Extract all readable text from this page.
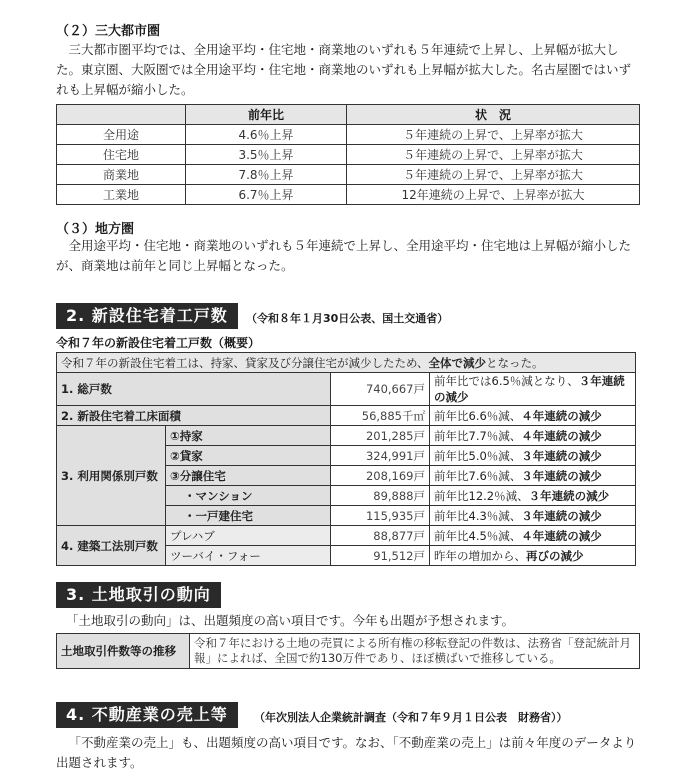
（２）三大都市圏
三大都市圏平均では、全用途平均・住宅地・商業地のいずれも５年連続で上昇し、上昇幅が拡大した。東京圏、大阪圏では全用途平均・住宅地・商業地のいずれも上昇幅が拡大した。名古屋圏ではいずれも上昇幅が縮小した。
	前年比	状　況
全用途	4.6％上昇	５年連続の上昇で、上昇率が拡大
住宅地	3.5％上昇	５年連続の上昇で、上昇率が拡大
商業地	7.8％上昇	５年連続の上昇で、上昇率が拡大
工業地	6.7％上昇	12年連続の上昇で、上昇率が拡大
（３）地方圏
全用途平均・住宅地・商業地のいずれも５年連続で上昇し、全用途平均・住宅地は上昇幅が縮小したが、商業地は前年と同じ上昇幅となった。
2. 新設住宅着工戸数	（令和８年１月30日公表、国土交通省）
令和７年の新設住宅着工戸数（概要）
令和７年の新設住宅着工は、持家、貸家及び分譲住宅が減少したため、全体で減少となった。			
1. 総戸数		740,667戸	前年比では6.5％減となり、３年連続の減少
2. 新設住宅着工床面積		56,885千㎡	前年比6.6％減、４年連続の減少
3. 利用関係別戸数	①持家	201,285戸	前年比7.7％減、４年連続の減少
	②貸家	324,991戸	前年比5.0％減、３年連続の減少
	③分譲住宅	208,169戸	前年比7.6％減、３年連続の減少
	・マンション	89,888戸	前年比12.2％減、３年連続の減少
	・一戸建住宅	115,935戸	前年比4.3％減、３年連続の減少
4. 建築工法別戸数	プレハブ	88,877戸	前年比4.5％減、４年連続の減少
	ツーバイ・フォー	91,512戸	昨年の増加から、再びの減少
3. 土地取引の動向
「土地取引の動向」は、出題頻度の高い項目です。今年も出題が予想されます。
土地取引件数等の推移	令和７年における土地の売買による所有権の移転登記の件数は、法務省「登記統計月報」によれば、全国で約130万件であり、ほぼ横ばいで推移している。
4. 不動産業の売上等	（年次別法人企業統計調査（令和７年９月１日公表　財務省））
「不動産業の売上」も、出題頻度の高い項目です。なお、「不動産業の売上」は前々年度のデータより出題されます。
